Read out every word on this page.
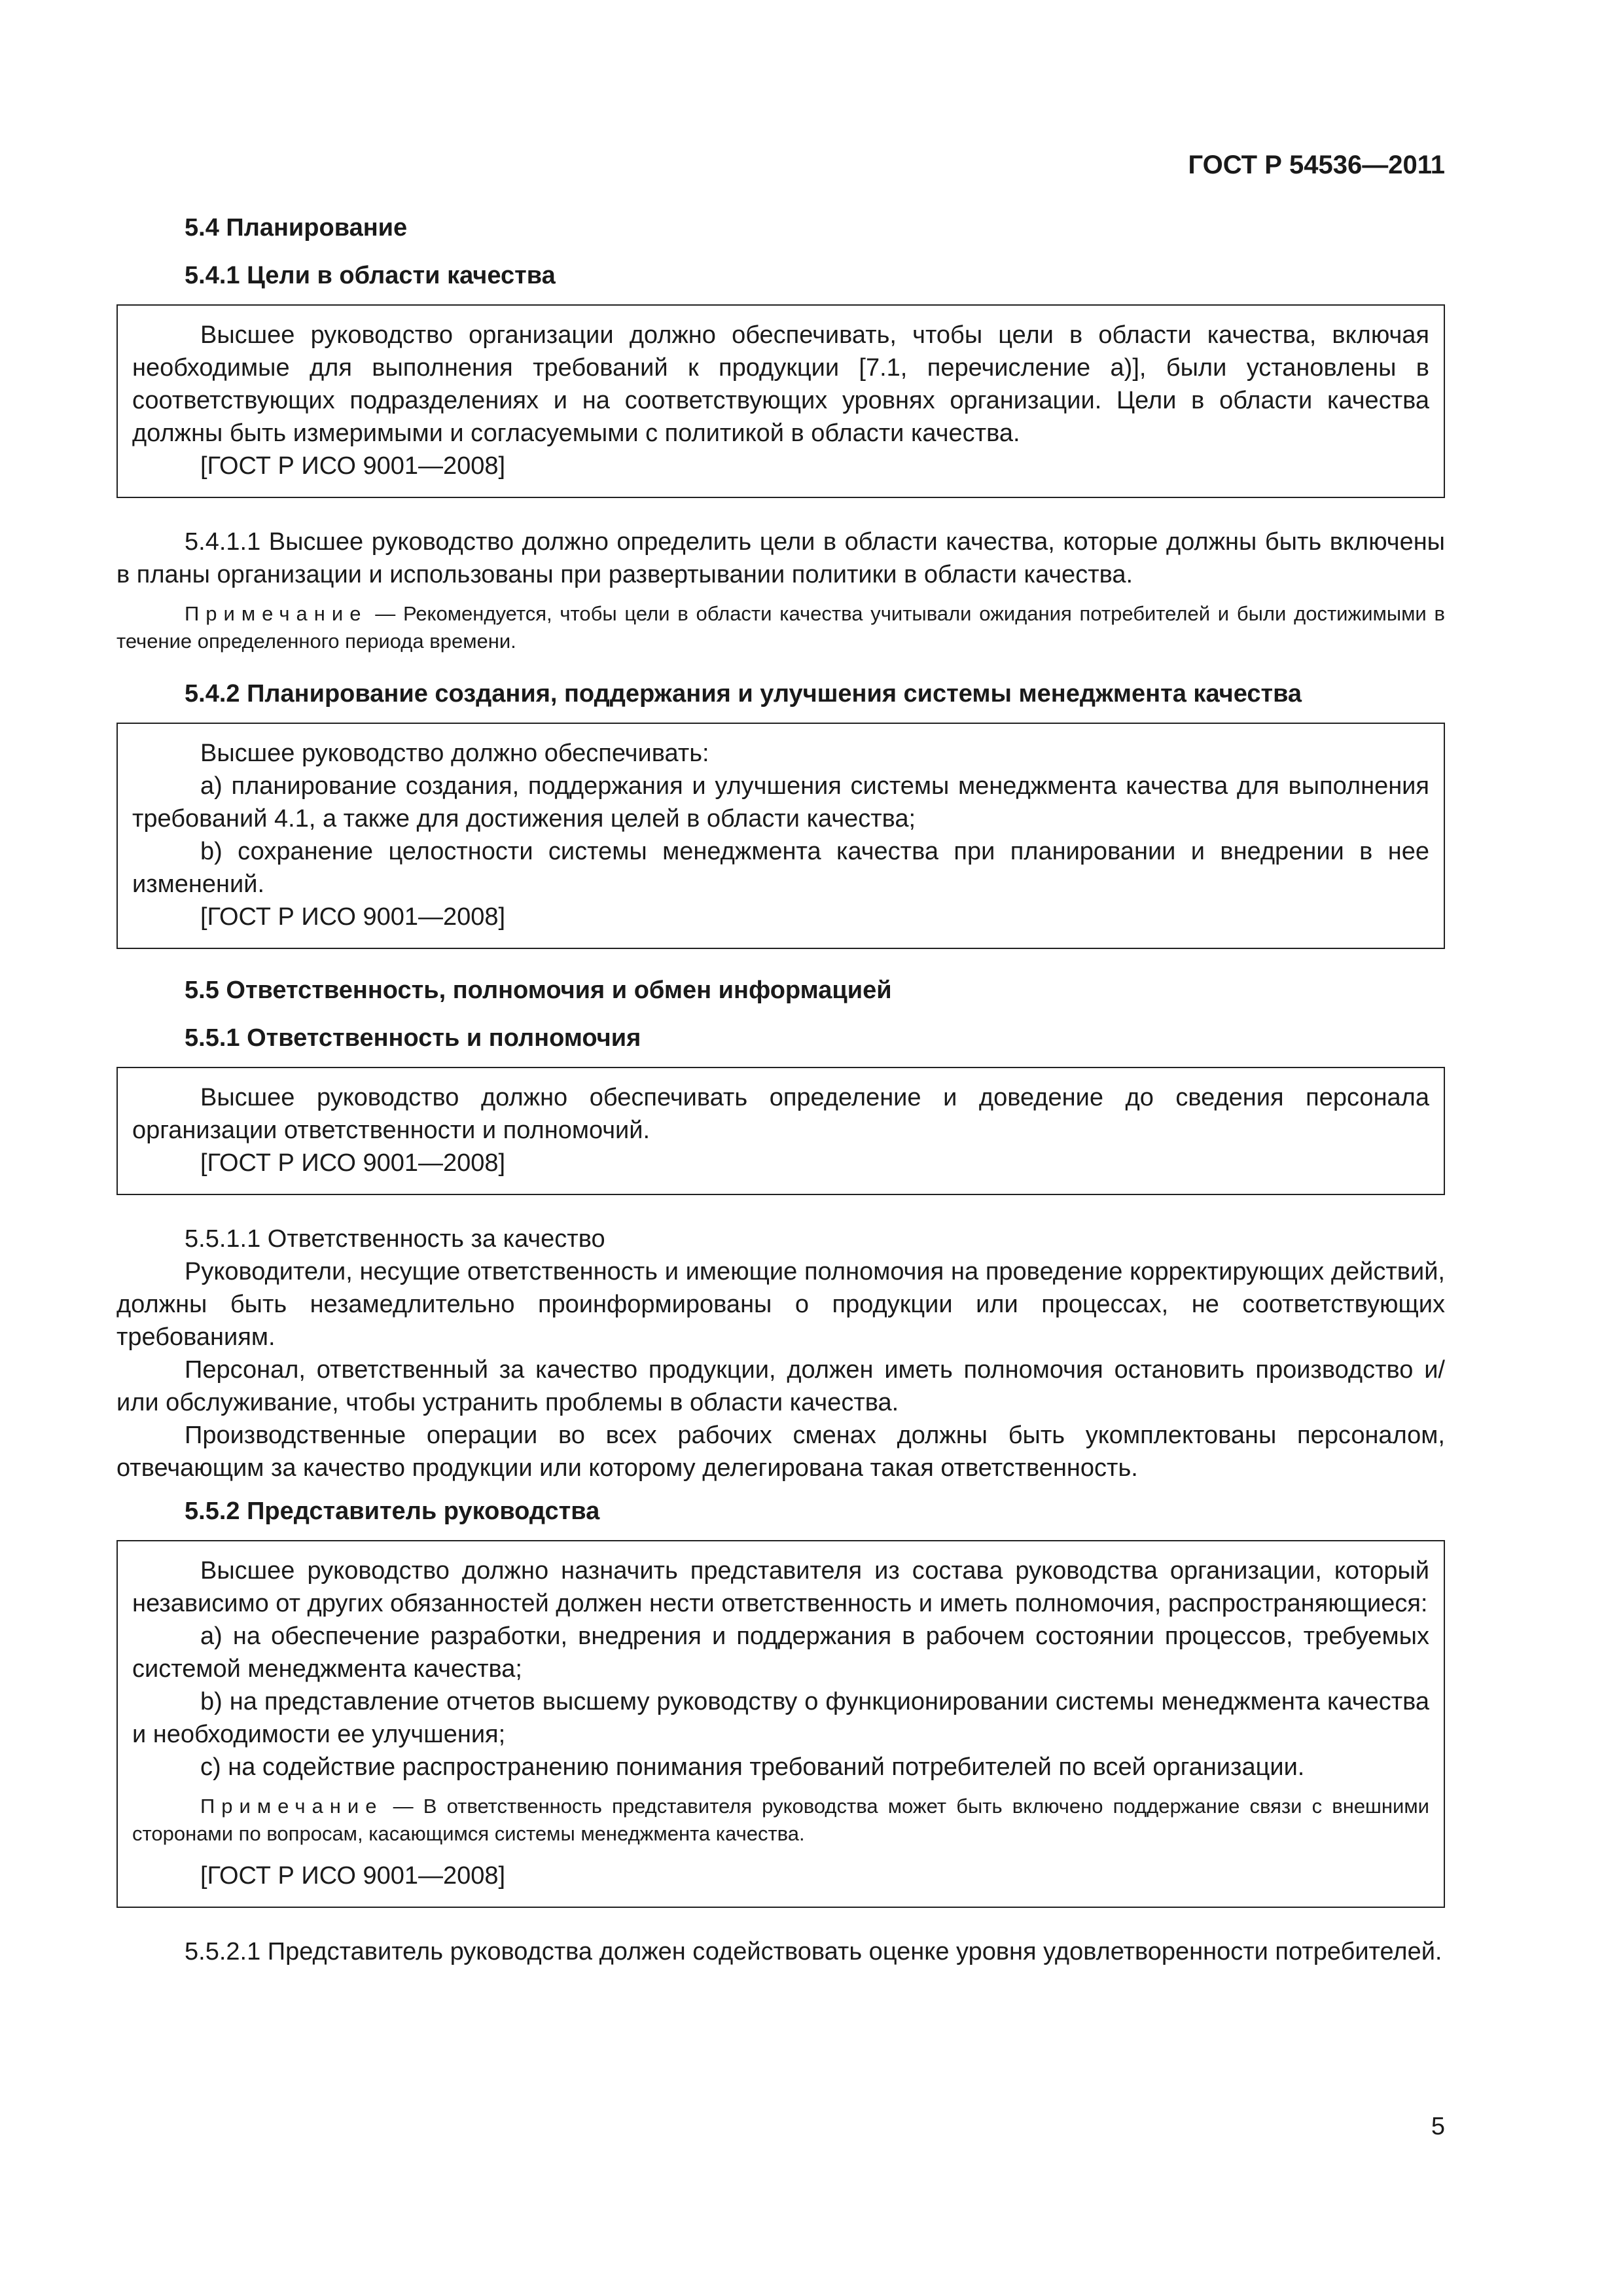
ГОСТ Р 54536—2011
5.4 Планирование
5.4.1 Цели в области качества

Высшее руководство организации должно обеспечивать, чтобы цели в области качества, включая необходимые для выполнения требований к продукции [7.1, перечисление а)], были установлены в соответствующих подразделениях и на соответствующих уровнях организации. Цели в области качества должны быть измеримыми и согласуемыми с политикой в области качества.

[ГОСТ Р ИСО 9001—2008]

5.4.1.1 Высшее руководство должно определить цели в области качества, которые должны быть включены в планы организации и использованы при развертывании политики в области качества.

Примечание — Рекомендуется, чтобы цели в области качества учитывали ожидания потребителей и были достижимыми в течение определенного периода времени.

5.4.2 Планирование создания, поддержания и улучшения системы менеджмента качества

Высшее руководство должно обеспечивать:

а) планирование создания, поддержания и улучшения системы менеджмента качества для выполнения требований 4.1, а также для достижения целей в области качества;

b) сохранение целостности системы менеджмента качества при планировании и внедрении в нее изменений.

[ГОСТ Р ИСО 9001—2008]

5.5 Ответственность, полномочия и обмен информацией
5.5.1 Ответственность и полномочия

Высшее руководство должно обеспечивать определение и доведение до сведения персонала организации ответственности и полномочий.

[ГОСТ Р ИСО 9001—2008]

5.5.1.1 Ответственность за качество

Руководители, несущие ответственность и имеющие полномочия на проведение корректирующих действий, должны быть незамедлительно проинформированы о продукции или процессах, не соответствующих требованиям.

Персонал, ответственный за качество продукции, должен иметь полномочия остановить производство и/или обслуживание, чтобы устранить проблемы в области качества.

Производственные операции во всех рабочих сменах должны быть укомплектованы персоналом, отвечающим за качество продукции или которому делегирована такая ответственность.

5.5.2 Представитель руководства

Высшее руководство должно назначить представителя из состава руководства организации, который независимо от других обязанностей должен нести ответственность и иметь полномочия, распространяющиеся:

а) на обеспечение разработки, внедрения и поддержания в рабочем состоянии процессов, требуемых системой менеджмента качества;

b) на представление отчетов высшему руководству о функционировании системы менеджмента качества и необходимости ее улучшения;

с) на содействие распространению понимания требований потребителей по всей организации.

Примечание — В ответственность представителя руководства может быть включено поддержание связи с внешними сторонами по вопросам, касающимся системы менеджмента качества.

[ГОСТ Р ИСО 9001—2008]

5.5.2.1 Представитель руководства должен содействовать оценке уровня удовлетворенности потребителей.

5
